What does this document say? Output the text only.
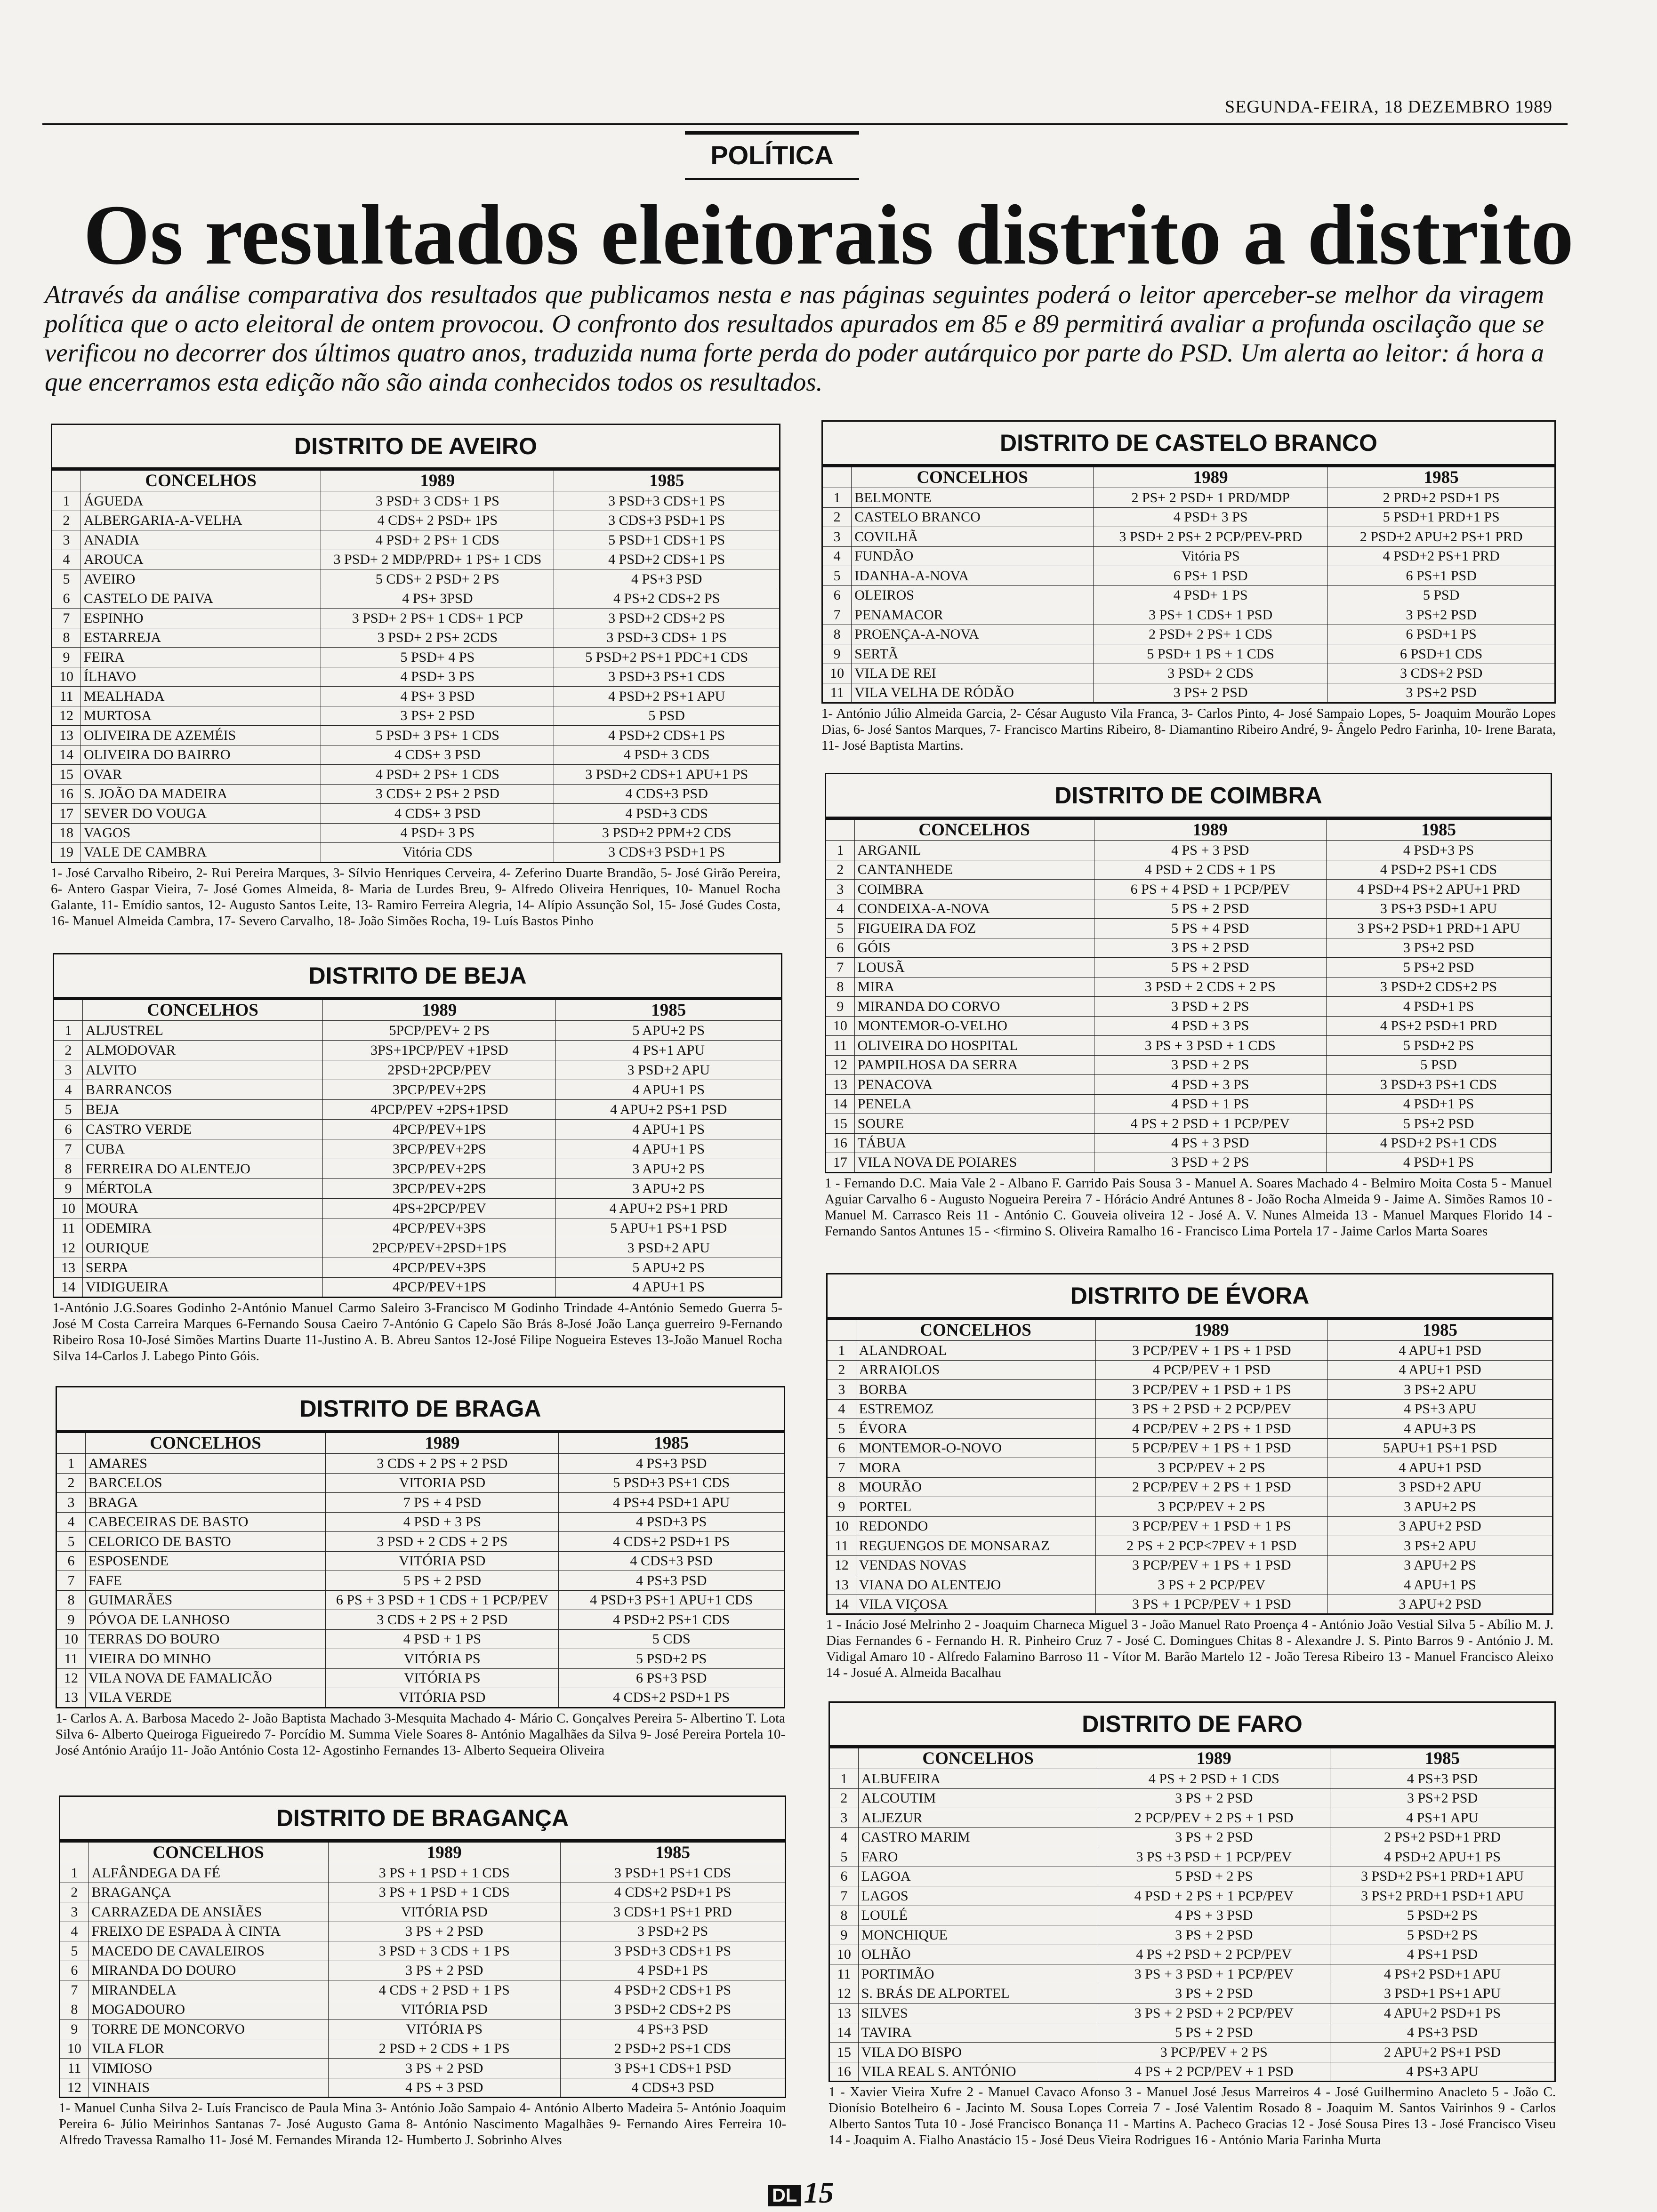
SEGUNDA-FEIRA, 18 DEZEMBRO 1989
POLÍTICA
Os resultados eleitorais distrito a distrito
Através da análise comparativa dos resultados que publicamos nesta e nas páginas seguintes poderá o leitor aperceber-se melhor da viragem política que o acto eleitoral de ontem provocou. O confronto dos resultados apurados em 85 e 89 permitirá avaliar a profunda oscilação que se verificou no decorrer dos últimos quatro anos, traduzida numa forte perda do poder autárquico por parte do PSD. Um alerta ao leitor: á hora a que encerramos esta edição não são ainda conhecidos todos os resultados.
DISTRITO DE AVEIRO
	CONCELHOS	1989	1985
1	ÁGUEDA	3 PSD+ 3 CDS+ 1 PS	3 PSD+3 CDS+1 PS
2	ALBERGARIA-A-VELHA	4 CDS+ 2 PSD+ 1PS	3 CDS+3 PSD+1 PS
3	ANADIA	4 PSD+ 2 PS+ 1 CDS	5 PSD+1 CDS+1 PS
4	AROUCA	3 PSD+ 2 MDP/PRD+ 1 PS+ 1 CDS	4 PSD+2 CDS+1 PS
5	AVEIRO	5 CDS+ 2 PSD+ 2 PS	4 PS+3 PSD
6	CASTELO DE PAIVA	4 PS+ 3PSD	4 PS+2 CDS+2 PS
7	ESPINHO	3 PSD+ 2 PS+ 1 CDS+ 1 PCP	3 PSD+2 CDS+2 PS
8	ESTARREJA	3 PSD+ 2 PS+ 2CDS	3 PSD+3 CDS+ 1 PS
9	FEIRA	5 PSD+ 4 PS	5 PSD+2 PS+1 PDC+1 CDS
10	ÍLHAVO	4 PSD+ 3 PS	3 PSD+3 PS+1 CDS
11	MEALHADA	4 PS+ 3 PSD	4 PSD+2 PS+1 APU
12	MURTOSA	3 PS+ 2 PSD	5 PSD
13	OLIVEIRA DE AZEMÉIS	5 PSD+ 3 PS+ 1 CDS	4 PSD+2 CDS+1 PS
14	OLIVEIRA DO BAIRRO	4 CDS+ 3 PSD	4 PSD+ 3 CDS
15	OVAR	4 PSD+ 2 PS+ 1 CDS	3 PSD+2 CDS+1 APU+1 PS
16	S. JOÃO DA MADEIRA	3 CDS+ 2 PS+ 2 PSD	4 CDS+3 PSD
17	SEVER DO VOUGA	4 CDS+ 3 PSD	4 PSD+3 CDS
18	VAGOS	4 PSD+ 3 PS	3 PSD+2 PPM+2 CDS
19	VALE DE CAMBRA	Vitória CDS	3 CDS+3 PSD+1 PS
1- José Carvalho Ribeiro, 2- Rui Pereira Marques, 3- Sílvio Henriques Cerveira, 4- Zeferino Duarte Brandão, 5- José Girão Pereira, 6- Antero Gaspar Vieira, 7- José Gomes Almeida, 8- Maria de Lurdes Breu, 9- Alfredo Oliveira Henriques, 10- Manuel Rocha Galante, 11- Emídio santos, 12- Augusto Santos Leite, 13- Ramiro Ferreira Alegria, 14- Alípio Assunção Sol, 15- José Gudes Costa, 16- Manuel Almeida Cambra, 17- Severo Carvalho, 18- João Simões Rocha, 19- Luís Bastos Pinho
DISTRITO DE BEJA
	CONCELHOS	1989	1985
1	ALJUSTREL	5PCP/PEV+ 2 PS	5 APU+2 PS
2	ALMODOVAR	3PS+1PCP/PEV +1PSD	4 PS+1 APU
3	ALVITO	2PSD+2PCP/PEV	3 PSD+2 APU
4	BARRANCOS	3PCP/PEV+2PS	4 APU+1 PS
5	BEJA	4PCP/PEV +2PS+1PSD	4 APU+2 PS+1 PSD
6	CASTRO VERDE	4PCP/PEV+1PS	4 APU+1 PS
7	CUBA	3PCP/PEV+2PS	4 APU+1 PS
8	FERREIRA DO ALENTEJO	3PCP/PEV+2PS	3 APU+2 PS
9	MÉRTOLA	3PCP/PEV+2PS	3 APU+2 PS
10	MOURA	4PS+2PCP/PEV	4 APU+2 PS+1 PRD
11	ODEMIRA	4PCP/PEV+3PS	5 APU+1 PS+1 PSD
12	OURIQUE	2PCP/PEV+2PSD+1PS	3 PSD+2 APU
13	SERPA	4PCP/PEV+3PS	5 APU+2 PS
14	VIDIGUEIRA	4PCP/PEV+1PS	4 APU+1 PS
1-António J.G.Soares Godinho 2-António Manuel Carmo Saleiro 3-Francisco M Godinho Trindade 4-António Semedo Guerra 5- José M Costa Carreira Marques 6-Fernando Sousa Caeiro 7-António G Capelo São Brás 8-José João Lança guerreiro 9-Fernando Ribeiro Rosa 10-José Simões Martins Duarte 11-Justino A. B. Abreu Santos 12-José Filipe Nogueira Esteves 13-João Manuel Rocha Silva 14-Carlos J. Labego Pinto Góis.
DISTRITO DE BRAGA
	CONCELHOS	1989	1985
1	AMARES	3 CDS + 2 PS + 2 PSD	4 PS+3 PSD
2	BARCELOS	VITORIA PSD	5 PSD+3 PS+1 CDS
3	BRAGA	7 PS + 4 PSD	4 PS+4 PSD+1 APU
4	CABECEIRAS DE BASTO	4 PSD + 3 PS	4 PSD+3 PS
5	CELORICO DE BASTO	3 PSD + 2 CDS + 2 PS	4 CDS+2 PSD+1 PS
6	ESPOSENDE	VITÓRIA PSD	4 CDS+3 PSD
7	FAFE	5 PS + 2 PSD	4 PS+3 PSD
8	GUIMARÃES	6 PS + 3 PSD + 1 CDS + 1 PCP/PEV	4 PSD+3 PS+1 APU+1 CDS
9	PÓVOA DE LANHOSO	3 CDS + 2 PS + 2 PSD	4 PSD+2 PS+1 CDS
10	TERRAS DO BOURO	4 PSD + 1 PS	5 CDS
11	VIEIRA DO MINHO	VITÓRIA PS	5 PSD+2 PS
12	VILA NOVA DE FAMALICÃO	VITÓRIA PS	6 PS+3 PSD
13	VILA VERDE	VITÓRIA PSD	4 CDS+2 PSD+1 PS
1- Carlos A. A. Barbosa Macedo 2- João Baptista Machado 3-Mesquita Machado 4- Mário C. Gonçalves Pereira 5- Albertino T. Lota Silva 6- Alberto Queiroga Figueiredo 7- Porcídio M. Summa Viele Soares 8- António Magalhães da Silva 9- José Pereira Portela 10- José António Araújo 11- João António Costa 12- Agostinho Fernandes 13- Alberto Sequeira Oliveira
DISTRITO DE BRAGANÇA
	CONCELHOS	1989	1985
1	ALFÂNDEGA DA FÉ	3 PS + 1 PSD + 1 CDS	3 PSD+1 PS+1 CDS
2	BRAGANÇA	3 PS + 1 PSD + 1 CDS	4 CDS+2 PSD+1 PS
3	CARRAZEDA DE ANSIÃES	VITÓRIA PSD	3 CDS+1 PS+1 PRD
4	FREIXO DE ESPADA À CINTA	3 PS + 2 PSD	3 PSD+2 PS
5	MACEDO DE CAVALEIROS	3 PSD + 3 CDS + 1 PS	3 PSD+3 CDS+1 PS
6	MIRANDA DO DOURO	3 PS + 2 PSD	4 PSD+1 PS
7	MIRANDELA	4 CDS + 2 PSD + 1 PS	4 PSD+2 CDS+1 PS
8	MOGADOURO	VITÓRIA PSD	3 PSD+2 CDS+2 PS
9	TORRE DE MONCORVO	VITÓRIA PS	4 PS+3 PSD
10	VILA FLOR	2 PSD + 2 CDS + 1 PS	2 PSD+2 PS+1 CDS
11	VIMIOSO	3 PS + 2 PSD	3 PS+1 CDS+1 PSD
12	VINHAIS	4 PS + 3 PSD	4 CDS+3 PSD
1- Manuel Cunha Silva 2- Luís Francisco de Paula Mina 3- António João Sampaio 4- António Alberto Madeira 5- António Joaquim Pereira 6- Júlio Meirinhos Santanas 7- José Augusto Gama 8- António Nascimento Magalhães 9- Fernando Aires Ferreira 10-Alfredo Travessa Ramalho 11- José M. Fernandes Miranda 12- Humberto J. Sobrinho Alves
DISTRITO DE CASTELO BRANCO
	CONCELHOS	1989	1985
1	BELMONTE	2 PS+ 2 PSD+ 1 PRD/MDP	2 PRD+2 PSD+1 PS
2	CASTELO BRANCO	4 PSD+ 3 PS	5 PSD+1 PRD+1 PS
3	COVILHÃ	3 PSD+ 2 PS+ 2 PCP/PEV-PRD	2 PSD+2 APU+2 PS+1 PRD
4	FUNDÃO	Vitória PS	4 PSD+2 PS+1 PRD
5	IDANHA-A-NOVA	6 PS+ 1 PSD	6 PS+1 PSD
6	OLEIROS	4 PSD+ 1 PS	5 PSD
7	PENAMACOR	3 PS+ 1 CDS+ 1 PSD	3 PS+2 PSD
8	PROENÇA-A-NOVA	2 PSD+ 2 PS+ 1 CDS	6 PSD+1 PS
9	SERTÃ	5 PSD+ 1 PS + 1 CDS	6 PSD+1 CDS
10	VILA DE REI	3 PSD+ 2 CDS	3 CDS+2 PSD
11	VILA VELHA DE RÓDÃO	3 PS+ 2 PSD	3 PS+2 PSD
1- António Júlio Almeida Garcia, 2- César Augusto Vila Franca, 3- Carlos Pinto, 4- José Sampaio Lopes, 5- Joaquim Mourão Lopes Dias, 6- José Santos Marques, 7- Francisco Martins Ribeiro, 8- Diamantino Ribeiro André, 9- Ângelo Pedro Farinha, 10- Irene Barata, 11- José Baptista Martins.
DISTRITO DE COIMBRA
	CONCELHOS	1989	1985
1	ARGANIL	4 PS + 3 PSD	4 PSD+3 PS
2	CANTANHEDE	4 PSD + 2 CDS + 1 PS	4 PSD+2 PS+1 CDS
3	COIMBRA	6 PS + 4 PSD + 1 PCP/PEV	4 PSD+4 PS+2 APU+1 PRD
4	CONDEIXA-A-NOVA	5 PS + 2 PSD	3 PS+3 PSD+1 APU
5	FIGUEIRA DA FOZ	5 PS + 4 PSD	3 PS+2 PSD+1 PRD+1 APU
6	GÓIS	3 PS + 2 PSD	3 PS+2 PSD
7	LOUSÃ	5 PS + 2 PSD	5 PS+2 PSD
8	MIRA	3 PSD + 2 CDS + 2 PS	3 PSD+2 CDS+2 PS
9	MIRANDA DO CORVO	3 PSD + 2 PS	4 PSD+1 PS
10	MONTEMOR-O-VELHO	4 PSD + 3 PS	4 PS+2 PSD+1 PRD
11	OLIVEIRA DO HOSPITAL	3 PS + 3 PSD + 1 CDS	5 PSD+2 PS
12	PAMPILHOSA DA SERRA	3 PSD + 2 PS	5 PSD
13	PENACOVA	4 PSD + 3 PS	3 PSD+3 PS+1 CDS
14	PENELA	4 PSD + 1 PS	4 PSD+1 PS
15	SOURE	4 PS + 2 PSD + 1 PCP/PEV	5 PS+2 PSD
16	TÁBUA	4 PS + 3 PSD	4 PSD+2 PS+1 CDS
17	VILA NOVA DE POIARES	3 PSD + 2 PS	4 PSD+1 PS
1 - Fernando D.C. Maia Vale 2 - Albano F. Garrido Pais Sousa 3 - Manuel A. Soares Machado 4 - Belmiro Moita Costa 5 - Manuel Aguiar Carvalho 6 - Augusto Nogueira Pereira 7 - Hórácio André Antunes 8 - João Rocha Almeida 9 - Jaime A. Simões Ramos 10 - Manuel M. Carrasco Reis 11 - António C. Gouveia oliveira 12 - José A. V. Nunes Almeida 13 - Manuel Marques Florido 14 - Fernando Santos Antunes 15 - <firmino S. Oliveira Ramalho 16 - Francisco Lima Portela 17 - Jaime Carlos Marta Soares
DISTRITO DE ÉVORA
	CONCELHOS	1989	1985
1	ALANDROAL	3 PCP/PEV + 1 PS + 1 PSD	4 APU+1 PSD
2	ARRAIOLOS	4 PCP/PEV + 1 PSD	4 APU+1 PSD
3	BORBA	3 PCP/PEV + 1 PSD + 1 PS	3 PS+2 APU
4	ESTREMOZ	3 PS + 2 PSD + 2 PCP/PEV	4 PS+3 APU
5	ÉVORA	4 PCP/PEV + 2 PS + 1 PSD	4 APU+3 PS
6	MONTEMOR-O-NOVO	5 PCP/PEV + 1 PS + 1 PSD	5APU+1 PS+1 PSD
7	MORA	3 PCP/PEV + 2 PS	4 APU+1 PSD
8	MOURÃO	2 PCP/PEV + 2 PS + 1 PSD	3 PSD+2 APU
9	PORTEL	3 PCP/PEV + 2 PS	3 APU+2 PS
10	REDONDO	3 PCP/PEV + 1 PSD + 1 PS	3 APU+2 PSD
11	REGUENGOS DE MONSARAZ	2 PS + 2 PCP<7PEV + 1 PSD	3 PS+2 APU
12	VENDAS NOVAS	3 PCP/PEV + 1 PS + 1 PSD	3 APU+2 PS
13	VIANA DO ALENTEJO	3 PS + 2 PCP/PEV	4 APU+1 PS
14	VILA VIÇOSA	3 PS + 1 PCP/PEV + 1 PSD	3 APU+2 PSD
1 - Inácio José Melrinho 2 - Joaquim Charneca Miguel 3 - João Manuel Rato Proença 4 - António João Vestial Silva 5 - Abílio M. J. Dias Fernandes 6 - Fernando H. R. Pinheiro Cruz 7 - José C. Domingues Chitas 8 - Alexandre J. S. Pinto Barros 9 - António J. M. Vidigal Amaro 10 - Alfredo Falamino Barroso 11 - Vítor M. Barão Martelo 12 - João Teresa Ribeiro 13 - Manuel Francisco Aleixo 14 - Josué A. Almeida Bacalhau
DISTRITO DE FARO
	CONCELHOS	1989	1985
1	ALBUFEIRA	4 PS + 2 PSD + 1 CDS	4 PS+3 PSD
2	ALCOUTIM	3 PS + 2 PSD	3 PS+2 PSD
3	ALJEZUR	2 PCP/PEV + 2 PS + 1 PSD	4 PS+1 APU
4	CASTRO MARIM	3 PS + 2 PSD	2 PS+2 PSD+1 PRD
5	FARO	3 PS +3 PSD + 1 PCP/PEV	4 PSD+2 APU+1 PS
6	LAGOA	5 PSD + 2 PS	3 PSD+2 PS+1 PRD+1 APU
7	LAGOS	4 PSD + 2 PS + 1 PCP/PEV	3 PS+2 PRD+1 PSD+1 APU
8	LOULÉ	4 PS + 3 PSD	5 PSD+2 PS
9	MONCHIQUE	3 PS + 2 PSD	5 PSD+2 PS
10	OLHÃO	4 PS +2 PSD + 2 PCP/PEV	4 PS+1 PSD
11	PORTIMÃO	3 PS + 3 PSD + 1 PCP/PEV	4 PS+2 PSD+1 APU
12	S. BRÁS DE ALPORTEL	3 PS + 2 PSD	3 PSD+1 PS+1 APU
13	SILVES	3 PS + 2 PSD + 2 PCP/PEV	4 APU+2 PSD+1 PS
14	TAVIRA	5 PS + 2 PSD	4 PS+3 PSD
15	VILA DO BISPO	3 PCP/PEV + 2 PS	2 APU+2 PS+1 PSD
16	VILA REAL S. ANTÓNIO	4 PS + 2 PCP/PEV + 1 PSD	4 PS+3 APU
1 - Xavier Vieira Xufre 2 - Manuel Cavaco Afonso 3 - Manuel José Jesus Marreiros 4 - José Guilhermino Anacleto 5 - João C. Dionísio Botelheiro 6 - Jacinto M. Sousa Lopes Correia 7 - José Valentim Rosado 8 - Joaquim M. Santos Vairinhos 9 - Carlos Alberto Santos Tuta 10 - José Francisco Bonança 11 - Martins A. Pacheco Gracias 12 - José Sousa Pires 13 - José Francisco Viseu 14 - Joaquim A. Fialho Anastácio 15 - José Deus Vieira Rodrigues 16 - António Maria Farinha Murta
DL 15
